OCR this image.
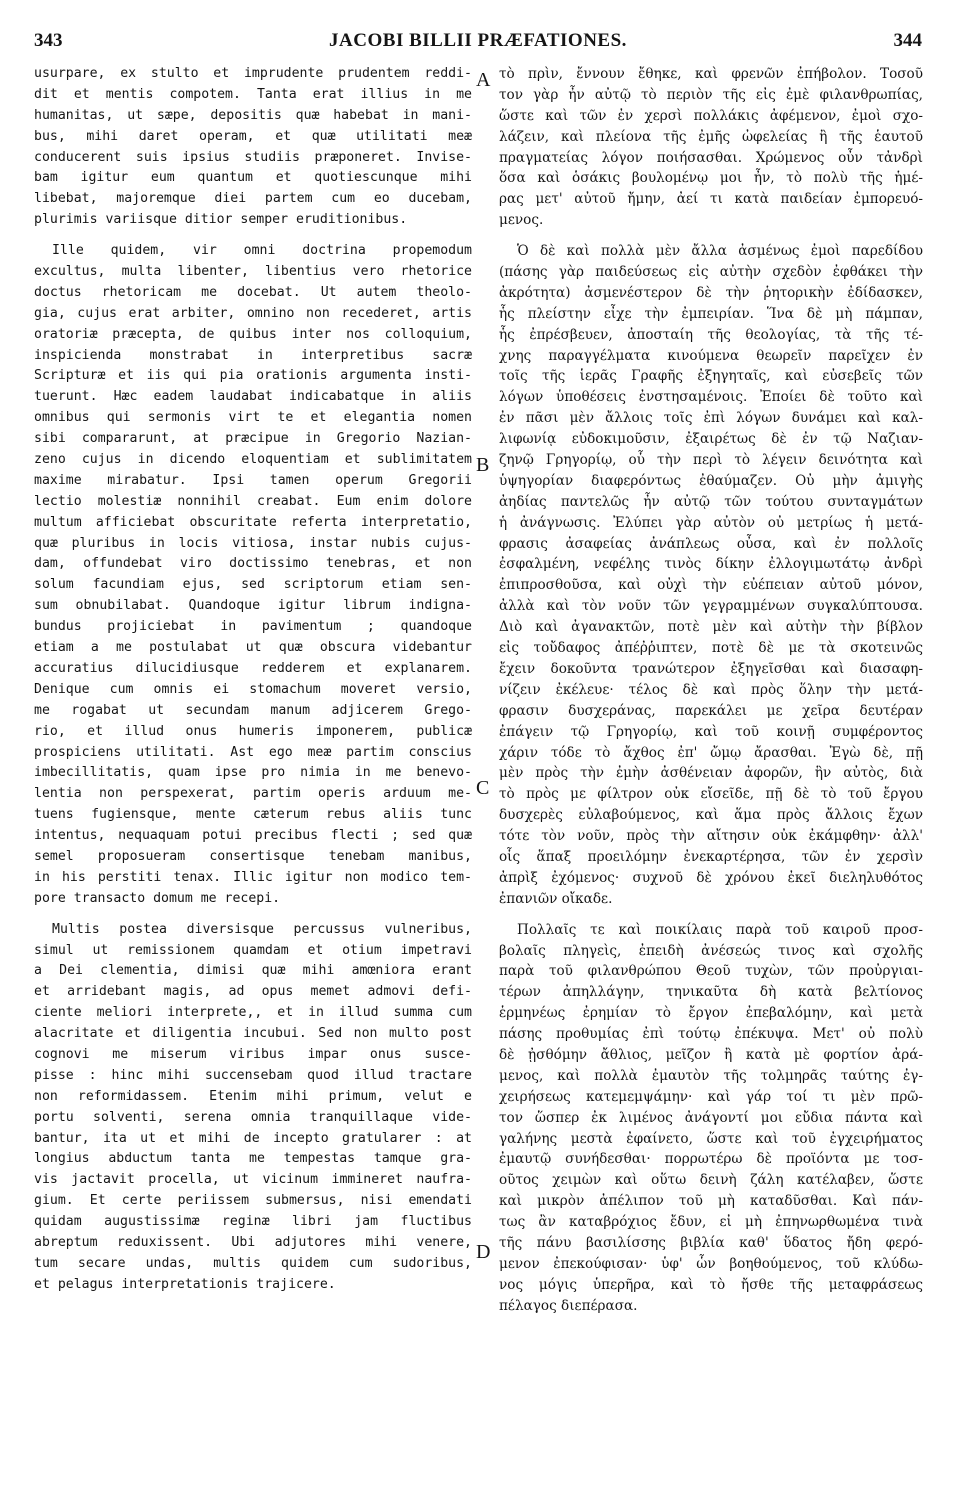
343	JACOBI BILLII PRÆFATIONES.	344
usurpare, ex stulto et imprudente prudentem reddi-
dit et mentis compotem. Tanta erat illius in me
humanitas, ut sæpe, depositis quæ habebat in mani-
bus, mihi daret operam, et quæ utilitati meæ
conducerent suis ipsius studiis præponeret. Invise-
bam igitur eum quantum et quotiescunque mihi
libebat, majoremque diei partem cum eo ducebam,
plurimis variisque ditior semper eruditionibus.
Ille quidem, vir omni doctrina propemodum
excultus, multa libenter, libentius vero rhetorice
doctus rhetoricam me docebat. Ut autem theolo-
gia, cujus erat arbiter, omnino non recederet, artis
oratoriæ præcepta, de quibus inter nos colloquium,
inspicienda monstrabat in interpretibus sacræ
Scripturæ et iis qui pia orationis argumenta insti-
tuerunt. Hæc eadem laudabat indicabatque in aliis
omnibus qui sermonis virt te et elegantia nomen
sibi compararunt, at præcipue in Gregorio Nazian-
zeno cujus in dicendo eloquentiam et sublimitatem
maxime mirabatur. Ipsi tamen operum Gregorii
lectio molestiæ nonnihil creabat. Eum enim dolore
multum afficiebat obscuritate referta interpretatio,
quæ pluribus in locis vitiosa, instar nubis cujus-
dam, offundebat viro doctissimo tenebras, et non
solum facundiam ejus, sed scriptorum etiam sen-
sum obnubilabat. Quandoque igitur librum indigna-
bundus projiciebat in pavimentum ; quandoque
etiam a me postulabat ut quæ obscura videbantur
accuratius dilucidiusque redderem et explanarem.
Denique cum omnis ei stomachum moveret versio,
me rogabat ut secundam manum adjicerem Grego-
rio, et illud onus humeris imponerem, publicæ
prospiciens utilitati. Ast ego meæ partim conscius
imbecillitatis, quam ipse pro nimia in me benevo-
lentia non perspexerat, partim operis arduum me-
tuens fugiensque, mente cæterum rebus aliis tunc
intentus, nequaquam potui precibus flecti ; sed quæ
semel proposueram consertisque tenebam manibus,
in his perstiti tenax. Illic igitur non modico tem-
pore transacto domum me recepi.
Multis postea diversisque percussus vulneribus,
simul ut remissionem quamdam et otium impetravi
a Dei clementia, dimisi quæ mihi amœniora erant
et arridebant magis, ad opus memet admovi defi-
ciente meliori interprete,, et in illud summa cum
alacritate et diligentia incubui. Sed non multo post
cognovi me miserum viribus impar onus susce-
pisse : hinc mihi succensebam quod illud tractare
non reformidassem. Etenim mihi primum, velut e
portu solventi, serena omnia tranquillaque vide-
bantur, ita ut et mihi de incepto gratularer : at
longius abductum tanta me tempestas tamque gra-
vis jactavit procella, ut vicinum immineret naufra-
gium. Et certe periissem submersus, nisi emendati
quidam augustissimæ reginæ libri jam fluctibus
abreptum reduxissent. Ubi adjutores mihi venere,
tum secare undas, multis quidem cum sudoribus,
et pelagus interpretationis trajicere.
τὸ πρὶν, ἔννουν ἔθηκε, καὶ φρενῶν ἐπήβολον. Τοσοῦ
τον γὰρ ἦν αὐτῷ τὸ περιὸν τῆς εἰς ἐμὲ φιλανθρωπίας,
ὥστε καὶ τῶν ἐν χερσὶ πολλάκις ἀφέμενον, ἐμοὶ σχο-
λάζειν, καὶ πλείονα τῆς ἐμῆς ὠφελείας ἢ τῆς ἑαυτοῦ
πραγματείας λόγον ποιήσασθαι. Χρώμενος οὖν τἀνδρὶ
ὅσα καὶ ὁσάκις βουλομένῳ μοι ἦν, τὸ πολὺ τῆς ἡμέ-
ρας μετ' αὐτοῦ ἤμην, ἀεί τι κατὰ παιδείαν ἐμπορευό-
μενος.
Ὁ δὲ καὶ πολλὰ μὲν ἄλλα ἀσμένως ἐμοὶ παρεδίδου
(πάσης γὰρ παιδεύσεως εἰς αὐτὴν σχεδὸν ἐφθάκει τὴν
ἀκρότητα) ἀσμενέστερον δὲ τὴν ῥητορικὴν ἐδίδασκεν,
ἧς πλείστην εἶχε τὴν ἐμπειρίαν. Ἵνα δὲ μὴ πάμπαν,
ἧς ἐπρέσβευεν, ἀποσταίη τῆς θεολογίας, τὰ τῆς τέ-
χνης παραγγέλματα κινούμενα θεωρεῖν παρεῖχεν ἐν
τοῖς τῆς ἱερᾶς Γραφῆς ἐξηγηταῖς, καὶ εὐσεβεῖς τῶν
λόγων ὑποθέσεις ἐνστησαμένοις. Ἐποίει δὲ τοῦτο καὶ
ἐν πᾶσι μὲν ἄλλοις τοῖς ἐπὶ λόγων δυνάμει καὶ καλ-
λιφωνίᾳ εὐδοκιμοῦσιν, ἐξαιρέτως δὲ ἐν τῷ Ναζιαν-
ζηνῷ Γρηγορίῳ, οὗ τὴν περὶ τὸ λέγειν δεινότητα καὶ
ὑψηγορίαν διαφερόντως ἐθαύμαζεν. Οὐ μὴν ἀμιγὴς
ἀηδίας παντελῶς ἦν αὐτῷ τῶν τούτου συνταγμάτων
ἡ ἀνάγνωσις. Ἐλύπει γὰρ αὐτὸν οὐ μετρίως ἡ μετά-
φρασις ἀσαφείας ἀνάπλεως οὖσα, καὶ ἐν πολλοῖς
ἐσφαλμένη, νεφέλης τινὸς δίκην ἐλλογιμωτάτῳ ἀνδρὶ
ἐπιπροσθοῦσα, καὶ οὐχὶ τὴν εὐέπειαν αὐτοῦ μόνον,
ἀλλὰ καὶ τὸν νοῦν τῶν γεγραμμένων συγκαλύπτουσα.
Διὸ καὶ ἀγανακτῶν, ποτὲ μὲν καὶ αὐτὴν τὴν βίβλον
εἰς τοὔδαφος ἀπέῤῥιπτεν, ποτὲ δὲ με τὰ σκοτεινῶς
ἔχειν δοκοῦντα τρανώτερον ἐξηγεῖσθαι καὶ διασαφη-
νίζειν ἐκέλευε· τέλος δὲ καὶ πρὸς ὅλην τὴν μετά-
φρασιν δυσχεράνας, παρεκάλει με χεῖρα δευτέραν
ἐπάγειν τῷ Γρηγορίῳ, καὶ τοῦ κοινῇ συμφέροντος
χάριν τόδε τὸ ἄχθος ἐπ' ὤμῳ ἄρασθαι. Ἐγὼ δὲ, πῇ
μὲν πρὸς τὴν ἐμὴν ἀσθένειαν ἀφορῶν, ἣν αὐτὸς, διὰ
τὸ πρὸς με φίλτρον οὐκ εἴσεῖδε, πῇ δὲ τὸ τοῦ ἔργου
δυσχερὲς εὐλαβούμενος, καὶ ἅμα πρὸς ἄλλοις ἔχων
τότε τὸν νοῦν, πρὸς τὴν αἴτησιν οὐκ ἐκάμφθην· ἀλλ'
οἷς ἅπαξ προειλόμην ἐνεκαρτέρησα, τῶν ἐν χερσὶν
ἀπρὶξ ἐχόμενος· συχνοῦ δὲ χρόνου ἐκεῖ διεληλυθότος
ἐπανιῶν οἴκαδε.
Πολλαῖς τε καὶ ποικίλαις παρὰ τοῦ καιροῦ προσ-
βολαῖς πληγεὶς, ἐπειδὴ ἀνέσεώς τινος καὶ σχολῆς
παρὰ τοῦ φιλανθρώπου Θεοῦ τυχὼν, τῶν προὐργιαι-
τέρων ἀπηλλάγην, τηνικαῦτα δὴ κατὰ βελτίονος
ἑρμηνέως ἐρημίαν τὸ ἔργον ἐπεβαλόμην, καὶ μετὰ
πάσης προθυμίας ἐπὶ τούτῳ ἐπέκυψα. Μετ' οὐ πολὺ
δὲ ᾐσθόμην ἄθλιος, μεῖζον ἢ κατὰ μὲ φορτίον ἀρά-
μενος, καὶ πολλὰ ἐμαυτὸν τῆς τολμηρᾶς ταύτης ἐγ-
χειρήσεως κατεμεμψάμην· καὶ γάρ τοί τι μὲν πρῶ-
τον ὥσπερ ἐκ λιμένος ἀνάγοντί μοι εὔδια πάντα καὶ
γαλήνης μεστὰ ἐφαίνετο, ὥστε καὶ τοῦ ἐγχειρήματος
ἐμαυτῷ συνήδεσθαι· πορρωτέρω δὲ προϊόντα με τοσ-
οῦτος χειμὼν καὶ οὕτω δεινὴ ζάλη κατέλαβεν, ὥστε
καὶ μικρὸν ἀπέλιπον τοῦ μὴ καταδῦσθαι. Καὶ πάν-
τως ἂν καταβρόχιος ἔδυν, εἰ μὴ ἐπηνωρθωμένα τινὰ
τῆς πάνυ βασιλίσσης βιβλία καθ' ὕδατος ἤδη φερό-
μενον ἐπεκούφισαν· ὑφ' ὧν βοηθούμενος, τοῦ κλύδω-
νος μόγις ὑπερῆρα, καὶ τὸ ἤσθε τῆς μεταφράσεως
πέλαγος διεπέρασα.
A
B
C
D
